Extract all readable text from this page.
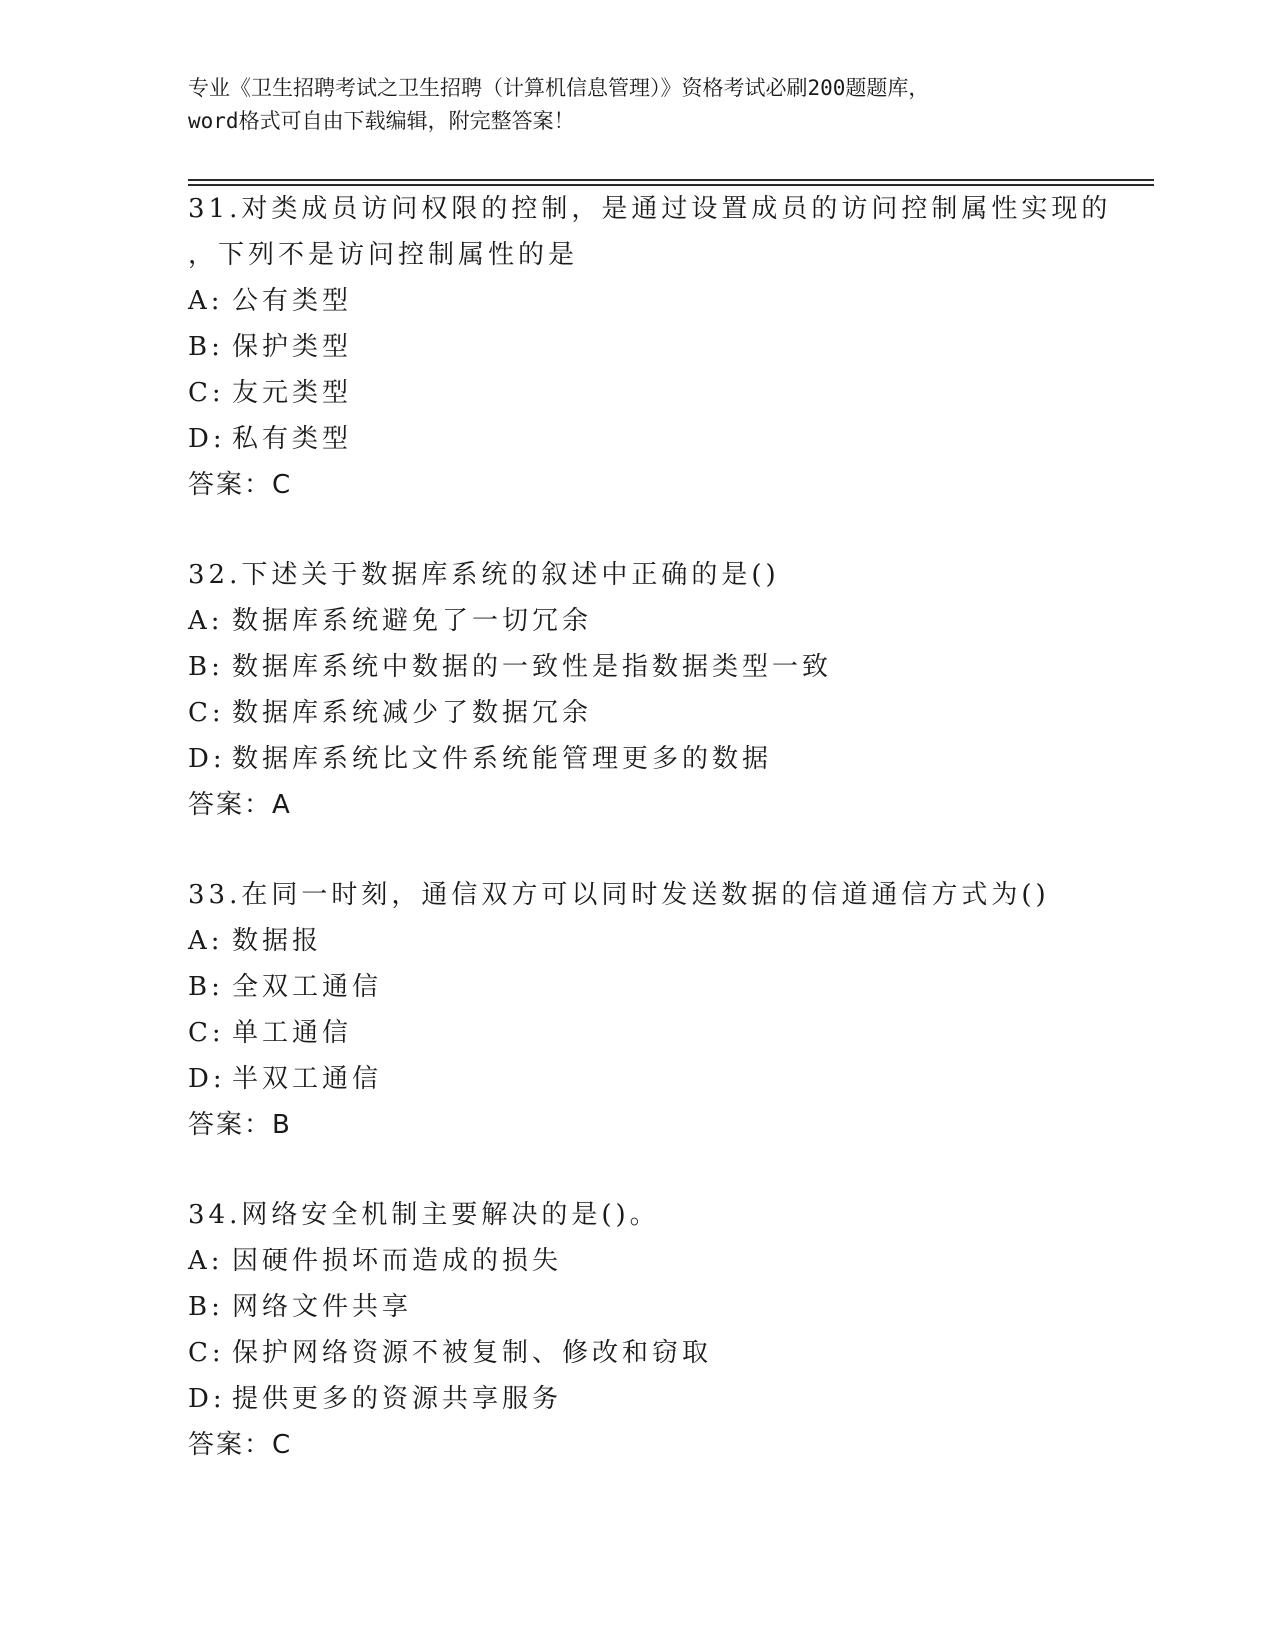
专业《卫生招聘考试之卫生招聘（计算机信息管理）》资格考试必刷200题题库，
word格式可自由下载编辑，附完整答案！
31.对类成员访问权限的控制，是通过设置成员的访问控制属性实现的
，下列不是访问控制属性的是
A: 公有类型
B: 保护类型
C: 友元类型
D: 私有类型
答案：C
32.下述关于数据库系统的叙述中正确的是()
A: 数据库系统避免了一切冗余
B: 数据库系统中数据的一致性是指数据类型一致
C: 数据库系统减少了数据冗余
D: 数据库系统比文件系统能管理更多的数据
答案：A
33.在同一时刻，通信双方可以同时发送数据的信道通信方式为()
A: 数据报
B: 全双工通信
C: 单工通信
D: 半双工通信
答案：B
34.网络安全机制主要解决的是()。
A: 因硬件损坏而造成的损失
B: 网络文件共享
C: 保护网络资源不被复制、修改和窃取
D: 提供更多的资源共享服务
答案：C
